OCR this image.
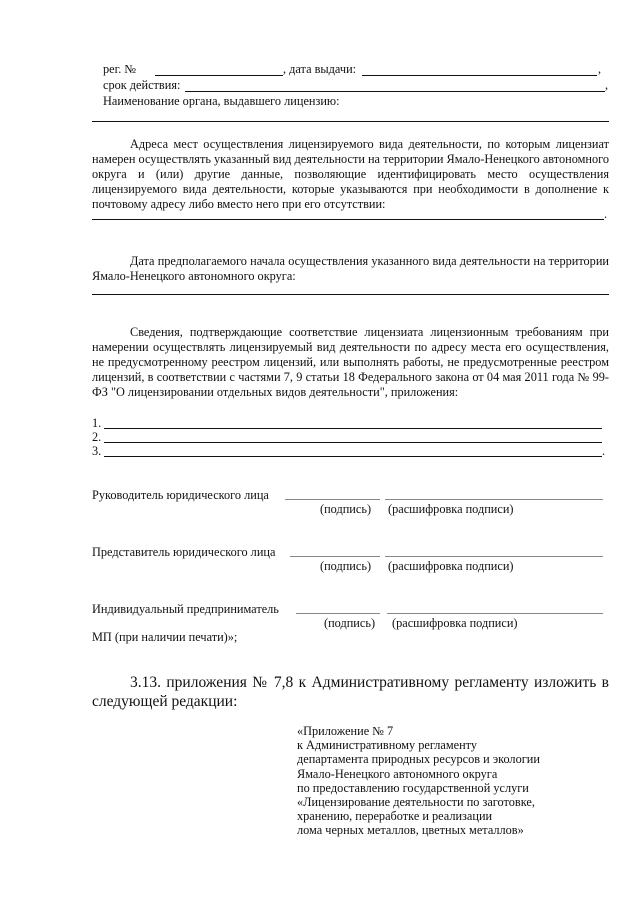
рег. №	, дата выдачи:	,
срок действия:	,
Наименование органа, выдавшего лицензию:
Адреса мест осуществления лицензируемого вида деятельности, по которым лицензиат намерен осуществлять указанный вид деятельности на территории Ямало-Ненецкого автономного округа и (или) другие данные, позволяющие идентифицировать место осуществления лицензируемого вида деятельности, которые указываются при необходимости в дополнение к почтовому адресу либо вместо него при его отсутствии:
.
Дата предполагаемого начала осуществления указанного вида деятельности на территории Ямало-Ненецкого автономного округа:
Сведения, подтверждающие соответствие лицензиата лицензионным требованиям при намерении осуществлять лицензируемый вид деятельности по адресу места его осуществления, не предусмотренному реестром лицензий, или выполнять работы, не предусмотренные реестром лицензий, в соответствии с частями 7, 9 статьи 18 Федерального закона от 04 мая 2011 года № 99-ФЗ "О лицензировании отдельных видов деятельности", приложения:
1.
2.
3.	.
Руководитель юридического лица
(подпись) (расшифровка подписи)
Представитель юридического лица
(подпись) (расшифровка подписи)
Индивидуальный предприниматель
(подпись) (расшифровка подписи)
МП (при наличии печати)»;
3.13. приложения № 7,8 к Административному регламенту изложить в следующей редакции:
«Приложение № 7
к Административному регламенту
департамента природных ресурсов и экологии
Ямало-Ненецкого автономного округа
по предоставлению государственной услуги
«Лицензирование деятельности по заготовке,
хранению, переработке и реализации
лома черных металлов, цветных металлов»
